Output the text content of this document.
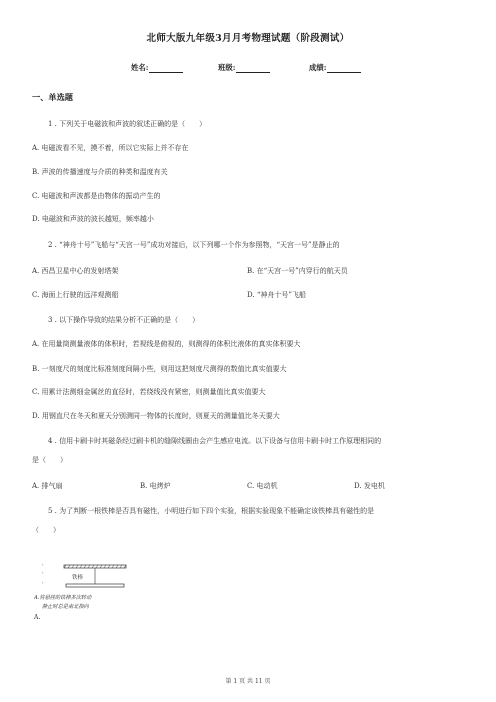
北师大版九年级3月月考物理试题（阶段测试）
姓名:	班级:	成绩:
一、单选题
1 . 下列关于电磁波和声波的叙述正确的是（　　）
A. 电磁波看不见，摸不着，所以它实际上并不存在
B. 声波的传播速度与介质的种类和温度有关
C. 电磁波和声波都是由物体的振动产生的
D. 电磁波和声波的波长越短，频率越小
2 . “神舟十号”飞船与“天宫一号”成功对接后，以下列哪一个作为参照物，“天宫一号”是静止的
A. 西昌卫星中心的发射塔架	B. 在“天宫一号”内穿行的航天员
C. 海面上行驶的远洋观测船	D. “神舟十号”飞船
3 . 以下操作导致的结果分析不正确的是（　　）
A. 在用量筒测量液体的体积时，若视线是俯视的，则测得的体积比液体的真实体积要大
B. 一刻度尺的刻度比标准刻度间隔小些，则用这把刻度尺测得的数值比真实值要大
C. 用累计法测细金属丝的直径时，若绕线没有紧密，则测量值比真实值要大
D. 用钢直尺在冬天和夏天分别测同一物体的长度时，则夏天的测量值比冬天要大
4 . 信用卡刷卡时其磁条经过刷卡机的缝隙线圈由会产生感应电流。以下设备与信用卡刷卡时工作原理相同的
是（　　）
A. 排气扇	B. 电烤炉	C. 电动机	D. 发电机
5 . 为了判断一根铁棒是否具有磁性，小明进行如下四个实验，根据实验现象不能确定该铁棒具有磁性的是
（　　）
,
,
,
铁棒
A.将悬挂的铁棒多次转动
静止时总是南北指向
A.
第 1 页 共 11 页
